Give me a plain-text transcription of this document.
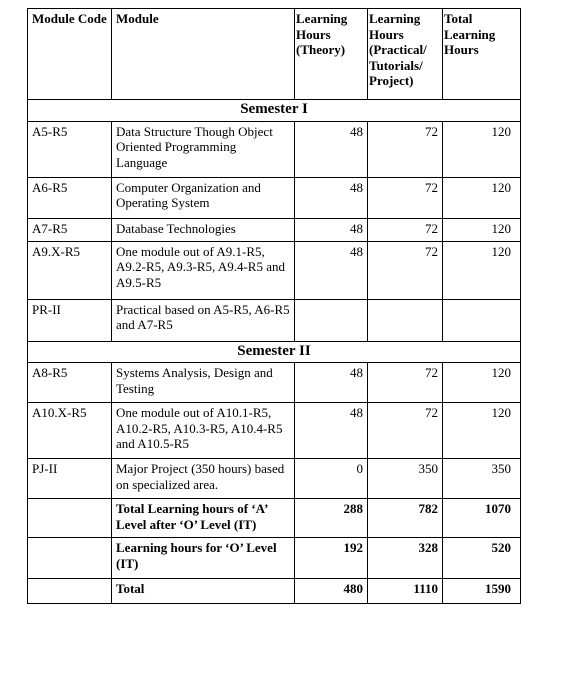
Module Code	Module	Learning Hours (Theory)	Learning Hours (Practical/ Tutorials/ Project)	Total Learning Hours
Semester I				
A5-R5	Data Structure Though Object Oriented Programming Language	48	72	120
A6-R5	Computer Organization and Operating System	48	72	120
A7-R5	Database Technologies	48	72	120
A9.X-R5	One module out of A9.1-R5, A9.2-R5, A9.3-R5, A9.4-R5 and A9.5-R5	48	72	120
PR-II	Practical based on A5-R5, A6-R5 and A7-R5			
Semester II				
A8-R5	Systems Analysis, Design and Testing	48	72	120
A10.X-R5	One module out of A10.1-R5, A10.2-R5, A10.3-R5, A10.4-R5 and A10.5-R5	48	72	120
PJ-II	Major Project (350 hours) based on specialized area.	0	350	350
	Total Learning hours of ‘A’ Level after ‘O’ Level (IT)	288	782	1070
	Learning hours for ‘O’ Level (IT)	192	328	520
	Total	480	1110	1590
